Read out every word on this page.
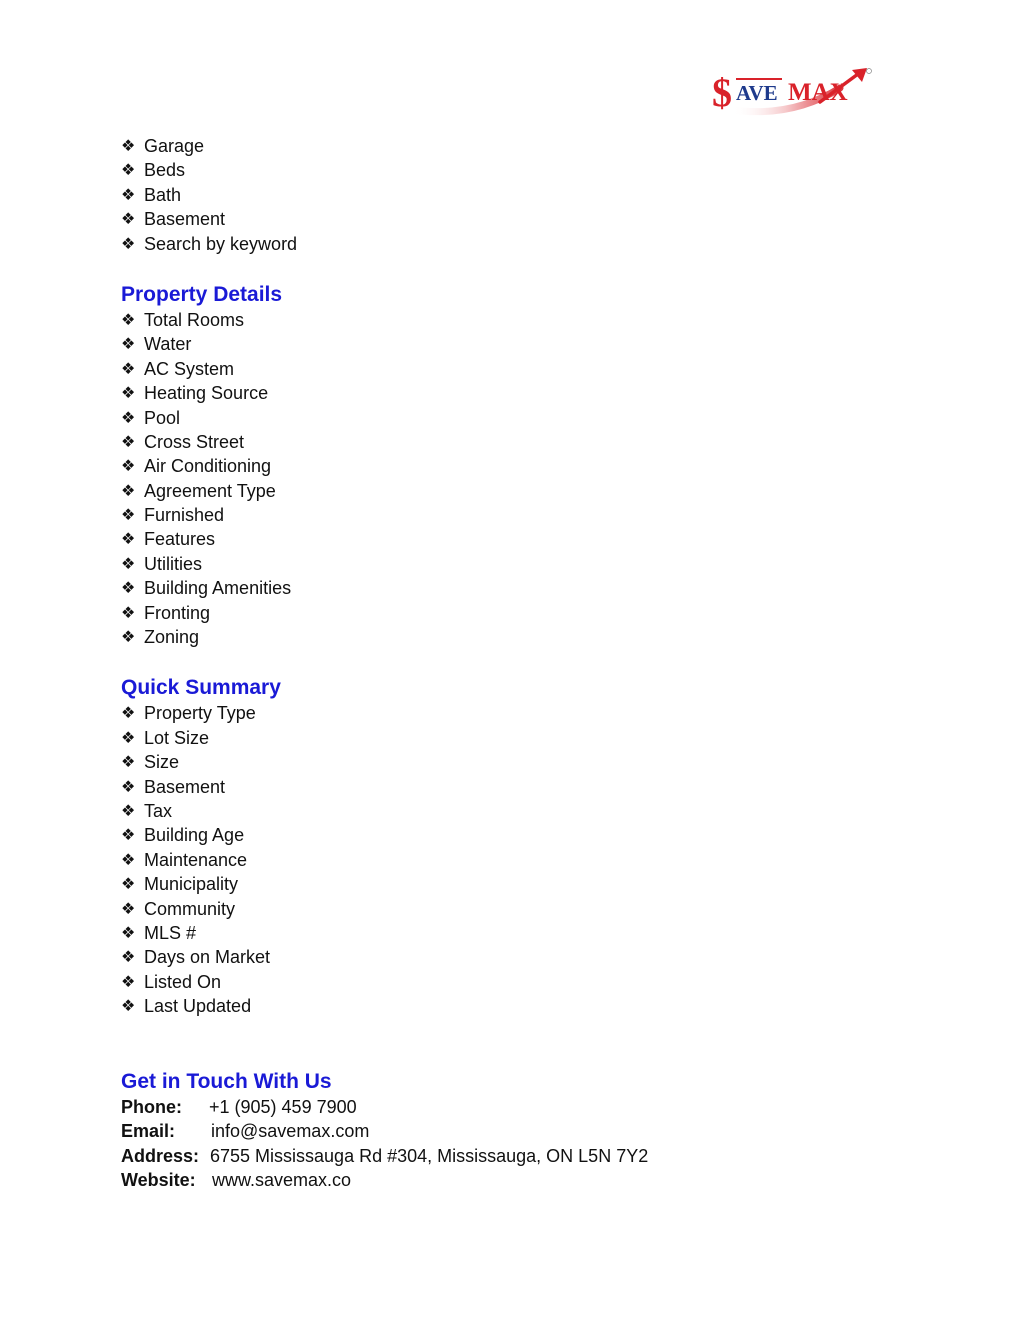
$ AVE MAX
❖ Garage
❖ Beds
❖ Bath
❖ Basement
❖ Search by keyword
Property Details
❖ Total Rooms
❖ Water
❖ AC System
❖ Heating Source
❖ Pool
❖ Cross Street
❖ Air Conditioning
❖ Agreement Type
❖ Furnished
❖ Features
❖ Utilities
❖ Building Amenities
❖ Fronting
❖ Zoning
Quick Summary
❖ Property Type
❖ Lot Size
❖ Size
❖ Basement
❖ Tax
❖ Building Age
❖ Maintenance
❖ Municipality
❖ Community
❖ MLS #
❖ Days on Market
❖ Listed On
❖ Last Updated
Get in Touch With Us
Phone:	+1 (905) 459 7900
Email:	info@savemax.com
Address: 6755 Mississauga Rd #304, Mississauga, ON L5N 7Y2
Website: www.savemax.co
